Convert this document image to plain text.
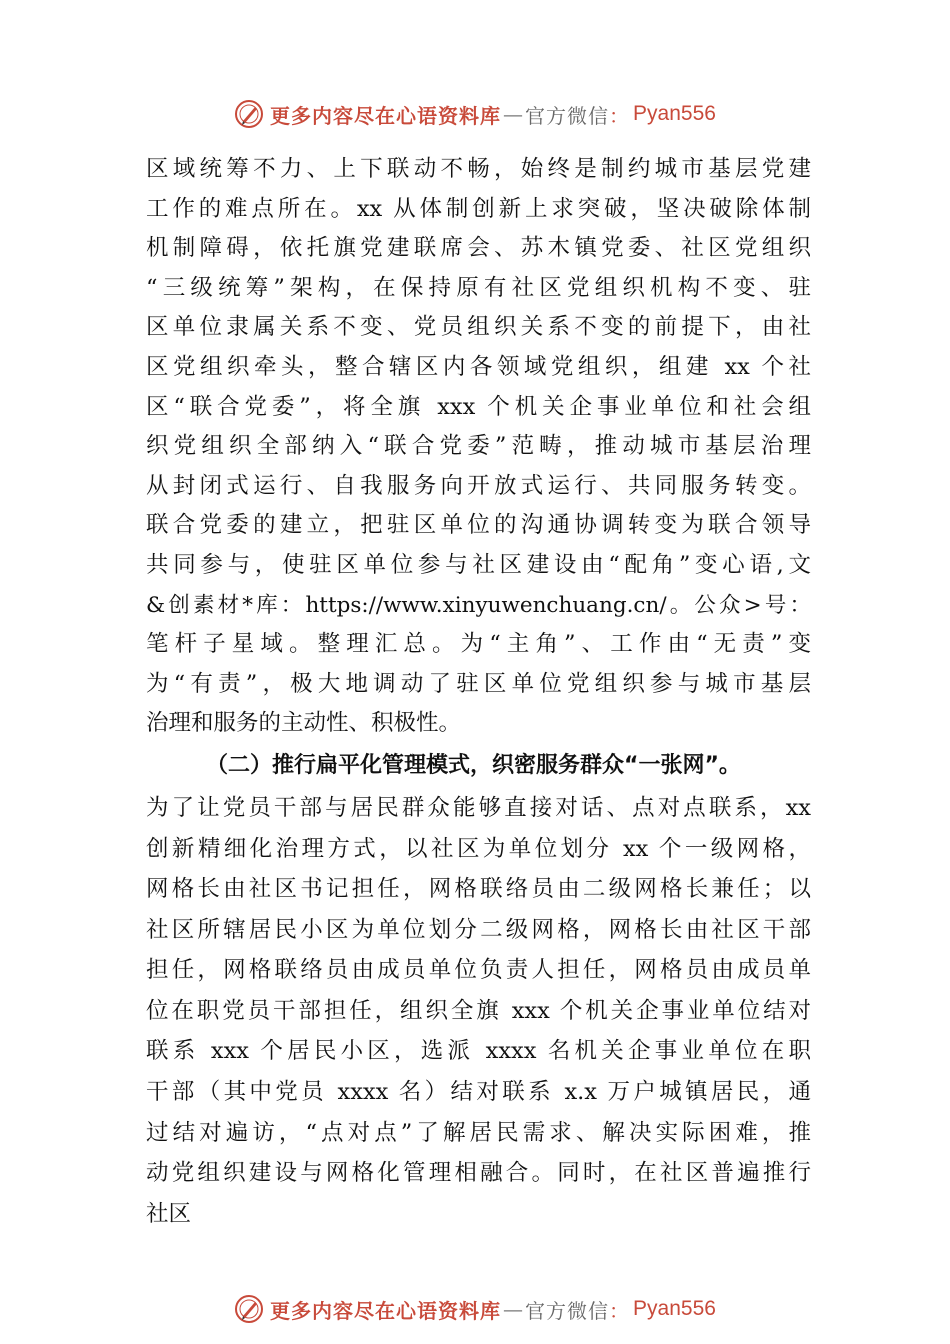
更多内容尽在心语资料库 — 官方微信 ： Pyan556
区域统筹不力、上下联动不畅，始终是制约城市基层党建
工作的难点所在。xx 从体制创新上求突破，坚决破除体制
机制障碍，依托旗党建联席会、苏木镇党委、社区党组织
“三级统筹”架构，在保持原有社区党组织机构不变、驻
区单位隶属关系不变、党员组织关系不变的前提下，由社
区党组织牵头，整合辖区内各领域党组织，组建 xx 个社
区“联合党委”，将全旗 xxx 个机关企事业单位和社会组
织党组织全部纳入“联合党委”范畴，推动城市基层治理
从封闭式运行、自我服务向开放式运行、共同服务转变。
联合党委的建立，把驻区单位的沟通协调转变为联合领导
共同参与，使驻区单位参与社区建设由“配角”变心语,文
&创素材*库：https://www.xinyuwenchuang.cn/。公众>号：
笔杆子星域。整理汇总。为“主角”、工作由“无责”变
为“有责”，极大地调动了驻区单位党组织参与城市基层
治理和服务的主动性、积极性。
（二）推行扁平化管理模式，织密服务群众“一张网”。
为了让党员干部与居民群众能够直接对话、点对点联系，xx
创新精细化治理方式，以社区为单位划分 xx 个一级网格，
网格长由社区书记担任，网格联络员由二级网格长兼任；以
社区所辖居民小区为单位划分二级网格，网格长由社区干部
担任，网格联络员由成员单位负责人担任，网格员由成员单
位在职党员干部担任，组织全旗 xxx 个机关企事业单位结对
联系 xxx 个居民小区，选派 xxxx 名机关企事业单位在职
干部（其中党员 xxxx 名）结对联系 x.x 万户城镇居民，通
过结对遍访，“点对点”了解居民需求、解决实际困难，推
动党组织建设与网格化管理相融合。同时，在社区普遍推行
社区
更多内容尽在心语资料库 — 官方微信 ： Pyan556
